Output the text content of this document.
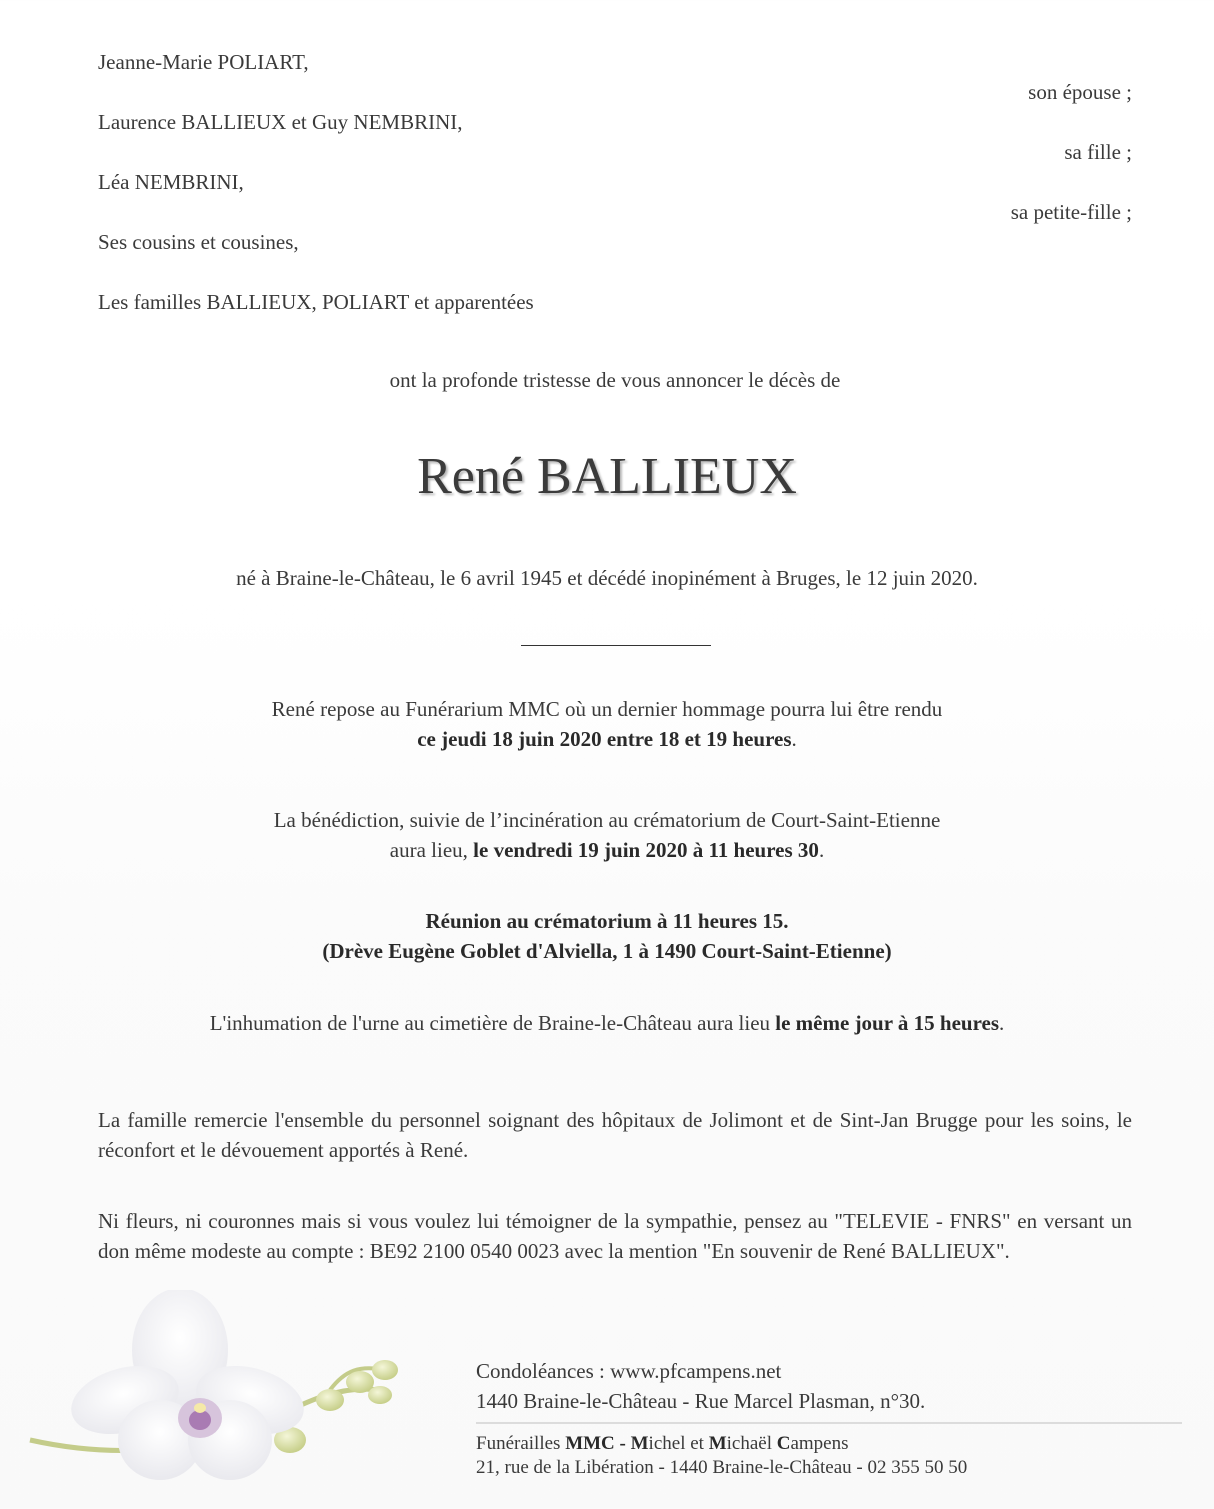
Jeanne-Marie POLIART,
son épouse ;
Laurence BALLIEUX et Guy NEMBRINI,
sa fille ;
Léa NEMBRINI,
sa petite-fille ;
Ses cousins et cousines,
Les familles BALLIEUX, POLIART et apparentées
ont la profonde tristesse de vous annoncer le décès de
René BALLIEUX
né à Braine-le-Château, le 6 avril 1945 et décédé inopinément à Bruges, le 12 juin 2020.
René repose au Funérarium MMC où un dernier hommage pourra lui être rendu
ce jeudi 18 juin 2020 entre 18 et 19 heures.
La bénédiction, suivie de l’incinération au crématorium de Court-Saint-Etienne
aura lieu, le vendredi 19 juin 2020 à 11 heures 30.
Réunion au crématorium à 11 heures 15.
(Drève Eugène Goblet d'Alviella, 1 à 1490 Court-Saint-Etienne)
L'inhumation de l'urne au cimetière de Braine-le-Château aura lieu le même jour à 15 heures.
La famille remercie l'ensemble du personnel soignant des hôpitaux de Jolimont et de Sint-Jan Brugge pour les soins, le réconfort et le dévouement apportés à René.
Ni fleurs, ni couronnes mais si vous voulez lui témoigner de la sympathie, pensez au "TELEVIE - FNRS" en versant un don même modeste au compte : BE92 2100 0540 0023 avec la mention "En souvenir de René BALLIEUX".
Condoléances : www.pfcampens.net
1440 Braine-le-Château - Rue Marcel Plasman, n°30.
Funérailles MMC - Michel et Michaël Campens
21, rue de la Libération - 1440 Braine-le-Château - 02 355 50 50
